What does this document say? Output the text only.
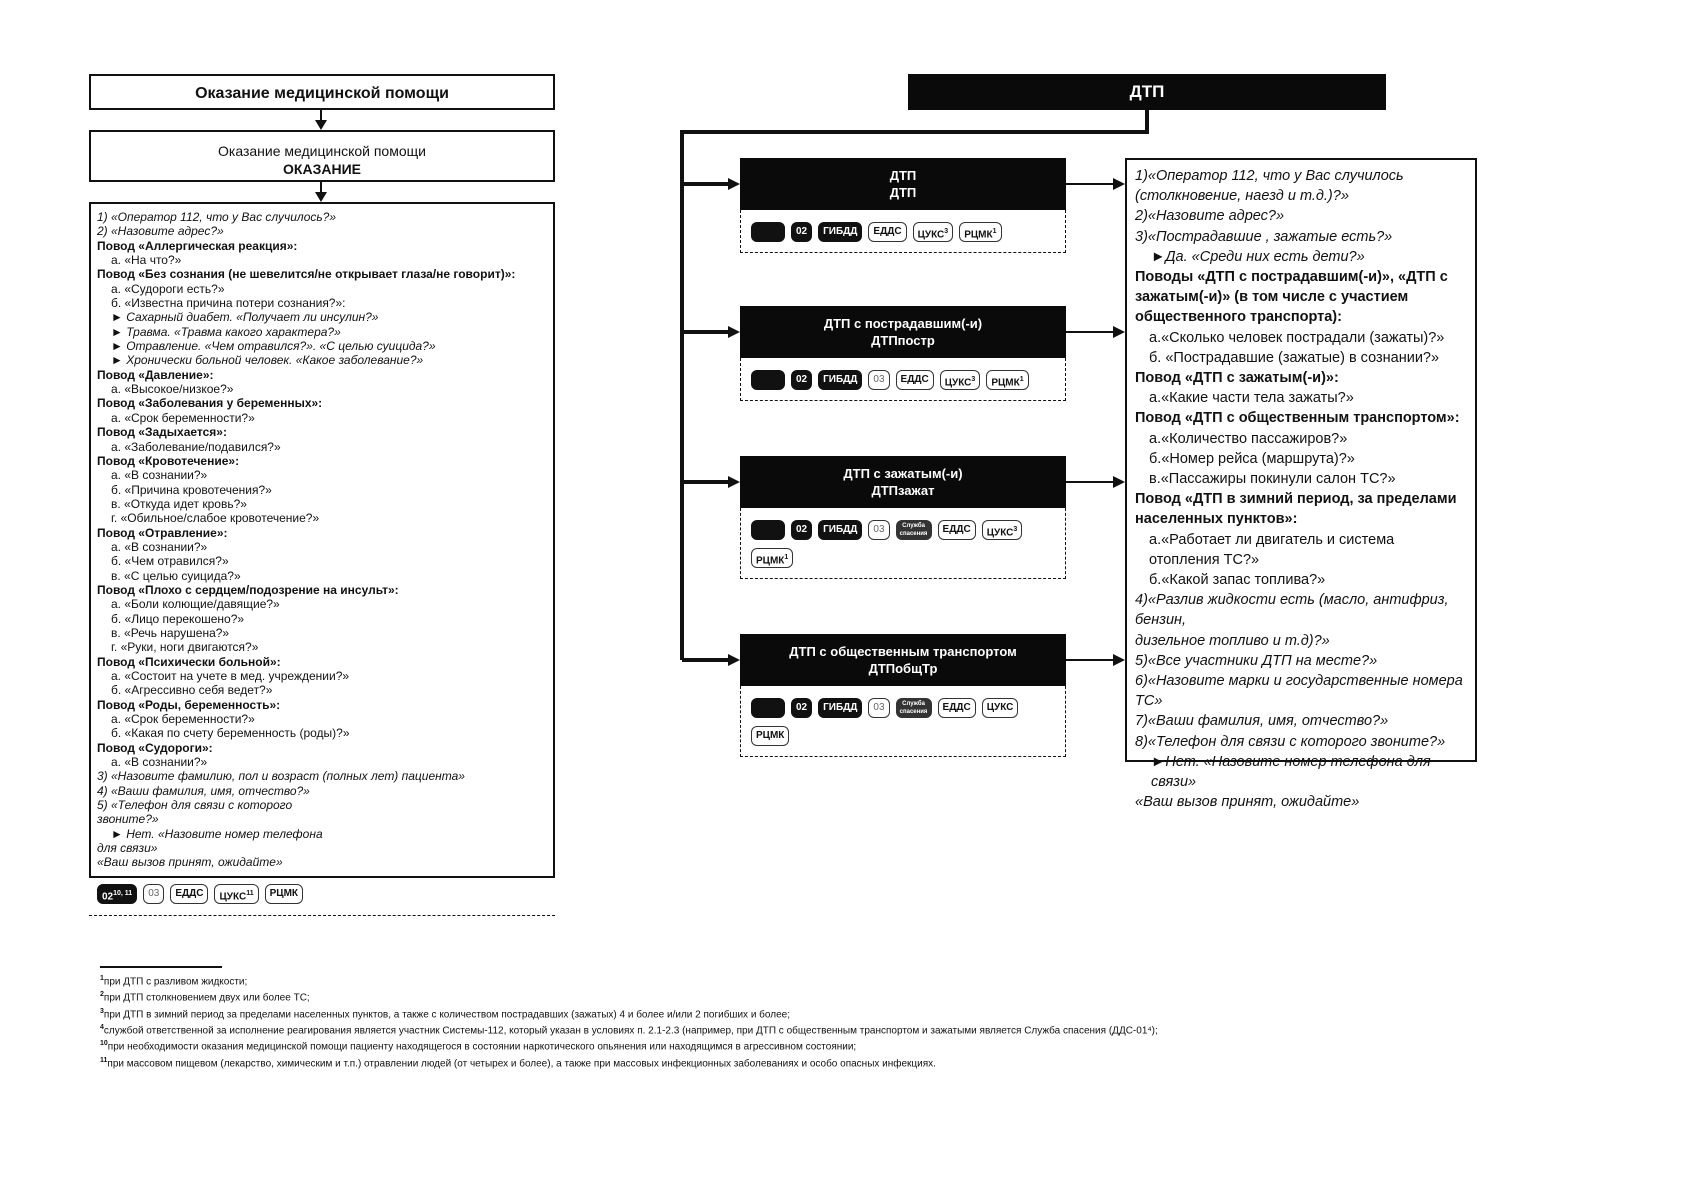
Оказание медицинской помощи
Оказание медицинской помощи
ОКАЗАНИЕ
1) «Оператор 112, что у Вас случилось?»
2) «Назовите адрес?»
Повод «Аллергическая реакция»:
а. «На что?»
Повод «Без сознания (не шевелится/не открывает глаза/не говорит)»:
а. «Судороги есть?»
б. «Известна причина потери сознания?»:
► Сахарный диабет. «Получает ли инсулин?»
► Травма. «Травма какого характера?»
► Отравление. «Чем отравился?». «С целью суицида?»
► Хронически больной человек. «Какое заболевание?»
Повод «Давление»:
а. «Высокое/низкое?»
Повод «Заболевания у беременных»:
а. «Срок беременности?»
Повод «Задыхается»:
а. «Заболевание/подавился?»
Повод «Кровотечение»:
а. «В сознании?»
б. «Причина кровотечения?»
в. «Откуда идет кровь?»
г. «Обильное/слабое кровотечение?»
Повод «Отравление»:
а. «В сознании?»
б. «Чем отравился?»
в. «С целью суицида?»
Повод «Плохо с сердцем/подозрение на инсульт»:
а. «Боли колющие/давящие?»
б. «Лицо перекошено?»
в. «Речь нарушена?»
г. «Руки, ноги двигаются?»
Повод «Психически больной»:
а. «Состоит на учете в мед. учреждении?»
б. «Агрессивно себя ведет?»
Повод «Роды, беременность»:
а. «Срок беременности?»
б. «Какая по счету беременность (роды)?»
Повод «Судороги»:
а. «В сознании?»
3) «Назовите фамилию, пол и возраст (полных лет) пациента»
4) «Ваши фамилия, имя, отчество?»
5) «Телефон для связи с которого
звоните?»
► Нет. «Назовите номер телефона
для связи»
«Ваш вызов принят, ожидайте»
02$^{10, 11}$	03	ЕДДС	ЦУКС$^{11}$	РЦМК
ДТП
ДТП
ДТП
02	ГИБДД	ЕДДС	ЦУКС$^3$	РЦМК$^1$
ДТП с пострадавшим(-и)
ДТПпостр
02	ГИБДД	03	ЕДДС	ЦУКС$^3$	РЦМК$^1$
ДТП с зажатым(-и)
ДТПзажат
02	ГИБДД	03	Служба спасения	ЕДДС	ЦУКС$^3$
РЦМК$^1$
ДТП с общественным транспортом
ДТПобщТр
02	ГИБДД	03	Служба спасения	ЕДДС	ЦУКС
РЦМК
1)«Оператор 112, что у Вас случилось
(столкновение, наезд и т.д.)?»
2)«Назовите адрес?»
3)«Пострадавшие , зажатые есть?»
►Да. «Среди них есть дети?»
Поводы «ДТП с пострадавшим(-и)», «ДТП с
зажатым(-и)» (в том числе с участием
общественного транспорта):
а.«Сколько человек пострадали (зажаты)?»
б. «Пострадавшие (зажатые) в сознании?»
Повод «ДТП с зажатым(-и)»:
а.«Какие части тела зажаты?»
Повод «ДТП с общественным транспортом»:
а.«Количество пассажиров?»
б.«Номер рейса (маршрута)?»
в.«Пассажиры покинули салон ТС?»
Повод «ДТП в зимний период, за пределами
населенных пунктов»:
а.«Работает ли двигатель и система отопления ТС?»
б.«Какой запас топлива?»
4)«Разлив жидкости есть (масло, антифриз, бензин,
дизельное топливо и т.д)?»
5)«Все участники ДТП на месте?»
6)«Назовите марки и государственные номера ТС»
7)«Ваши фамилия, имя, отчество?»
8)«Телефон для связи с которого звоните?»
►Нет. «Назовите номер телефона для связи»
«Ваш вызов принят, ожидайте»
$^1$при ДТП с разливом жидкости;
$^2$при ДТП столкновением двух или более ТС;
$^3$при ДТП в зимний период за пределами населенных пунктов, а также с количеством пострадавших (зажатых) 4 и более и/или 2 погибших и более;
$^4$службой ответственной за исполнение реагирования является участник Системы-112, который указан в условиях п. 2.1-2.3 (например, при ДТП с общественным транспортом и зажатыми является Служба спасения (ДДС-01⁴);
$^{10}$при необходимости оказания медицинской помощи пациенту находящегося в состоянии наркотического опьянения или находящимся в агрессивном состоянии;
$^{11}$при массовом пищевом (лекарство, химическим и т.п.) отравлении людей (от четырех и более), а также при массовых инфекционных заболеваниях и особо опасных инфекциях.
